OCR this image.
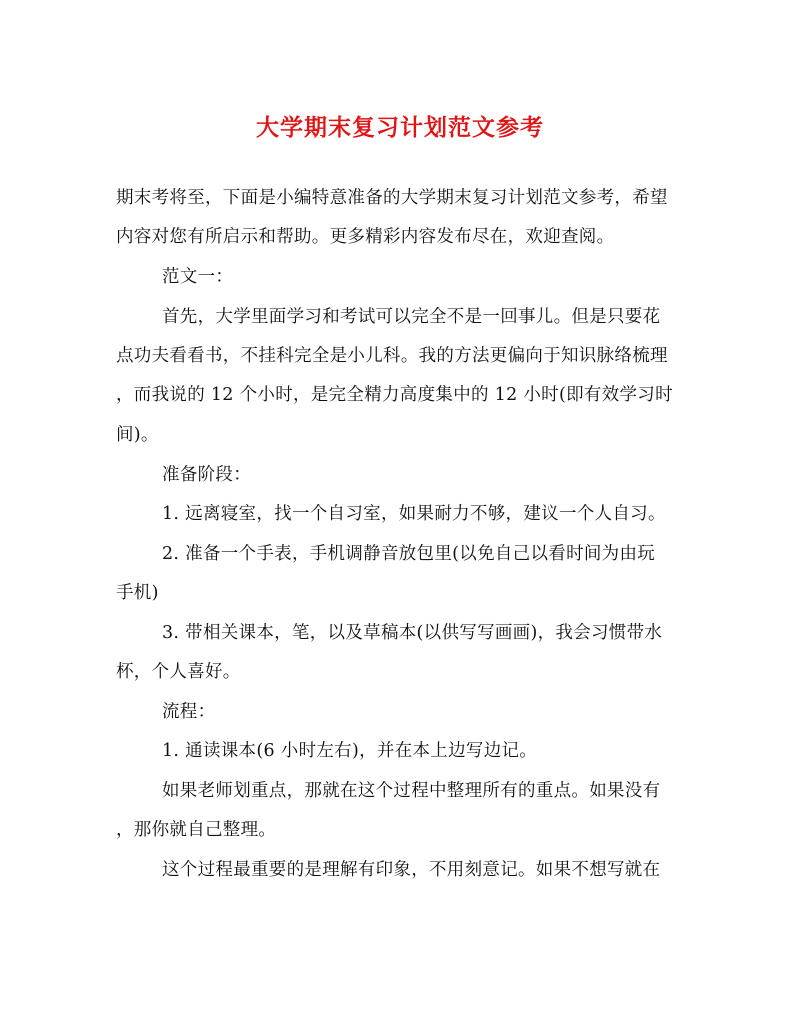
大学期末复习计划范文参考
期末考将至，下面是小编特意准备的大学期末复习计划范文参考，希望
内容对您有所启示和帮助。更多精彩内容发布尽在，欢迎查阅。
范文一：
首先，大学里面学习和考试可以完全不是一回事儿。但是只要花
点功夫看看书，不挂科完全是小儿科。我的方法更偏向于知识脉络梳理
，而我说的 12 个小时，是完全精力高度集中的 12 小时(即有效学习时
间)。
准备阶段：
1. 远离寝室，找一个自习室，如果耐力不够，建议一个人自习。
2. 准备一个手表，手机调静音放包里(以免自己以看时间为由玩
手机)
3. 带相关课本，笔，以及草稿本(以供写写画画)，我会习惯带水
杯，个人喜好。
流程：
1. 通读课本(6 小时左右)，并在本上边写边记。
如果老师划重点，那就在这个过程中整理所有的重点。如果没有
，那你就自己整理。
这个过程最重要的是理解有印象，不用刻意记。如果不想写就在
